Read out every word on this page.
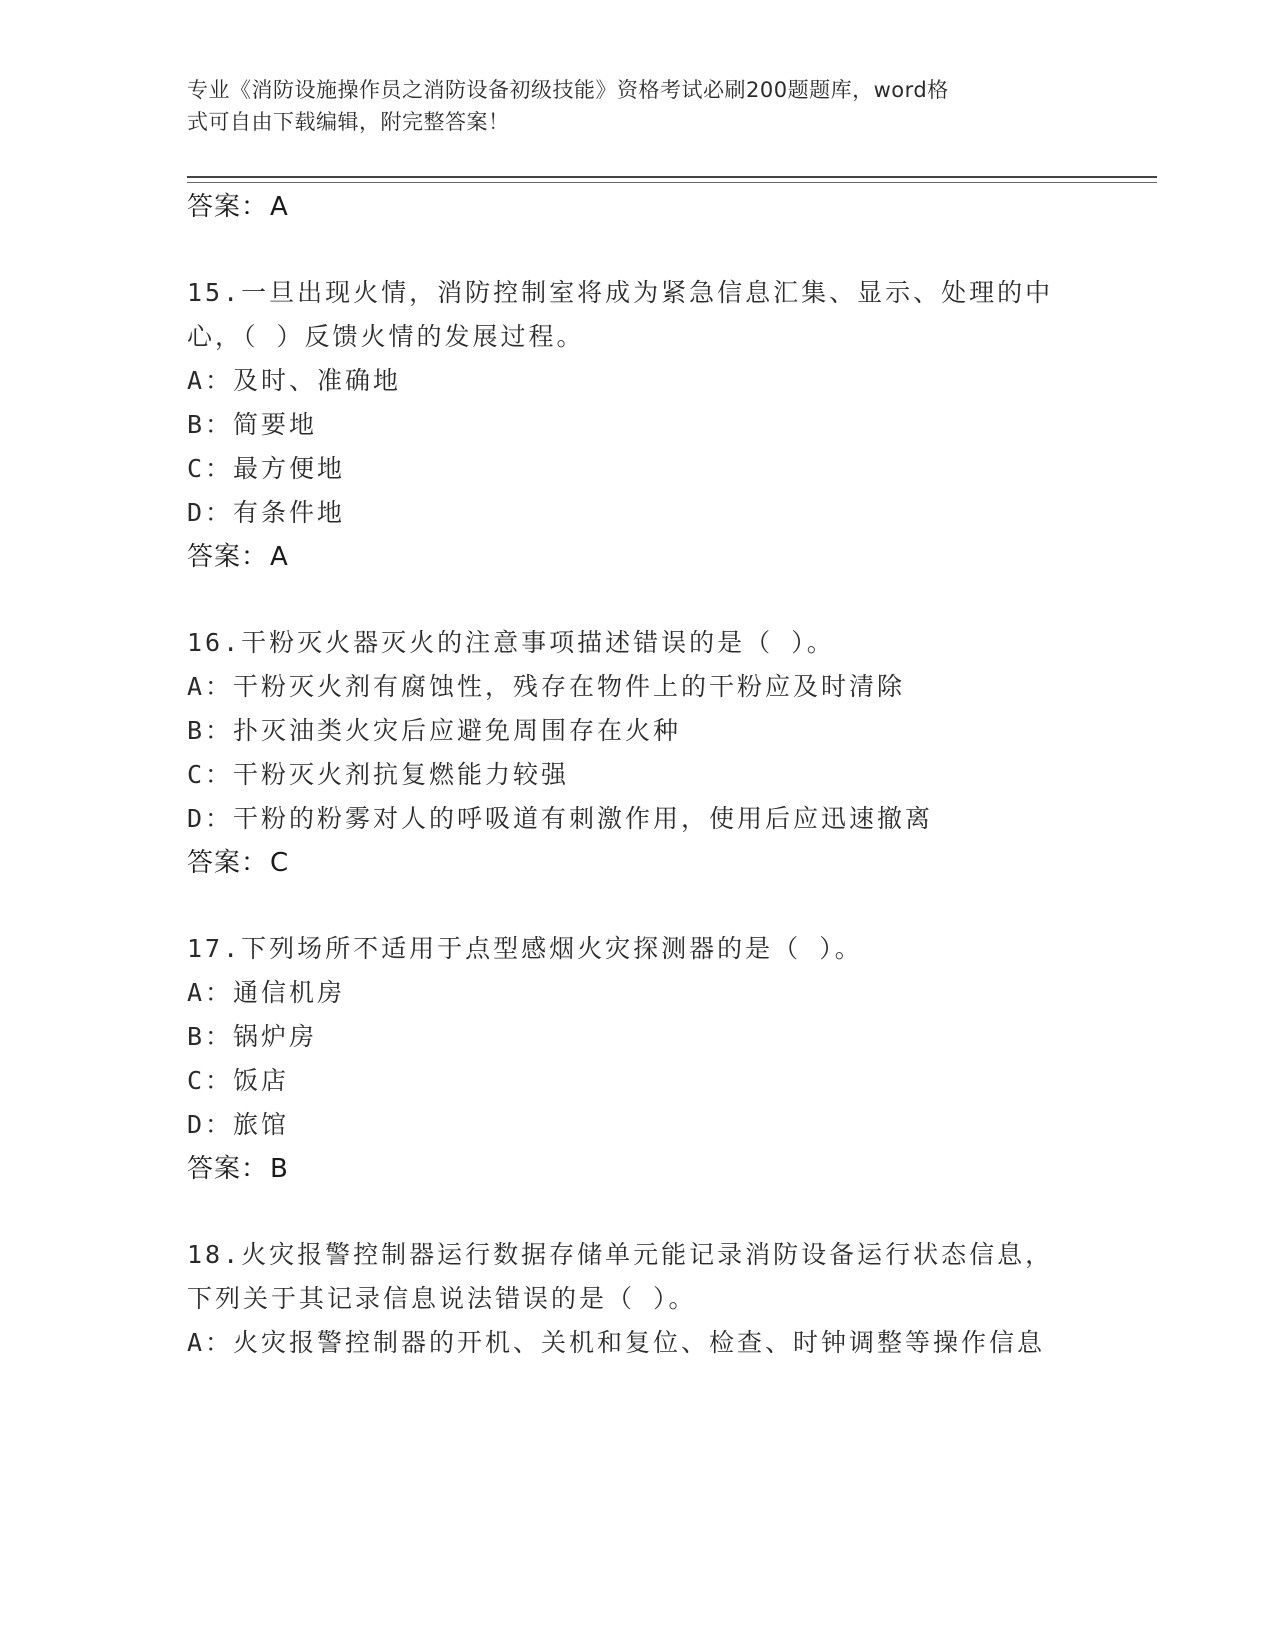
专业《消防设施操作员之消防设备初级技能》资格考试必刷200题题库，word格
式可自由下载编辑，附完整答案！
答案：A
15.一旦出现火情，消防控制室将成为紧急信息汇集、显示、处理的中
心，（ ）反馈火情的发展过程。
A：及时、准确地
B：简要地
C：最方便地
D：有条件地
答案：A
16.干粉灭火器灭火的注意事项描述错误的是（ ）。
A：干粉灭火剂有腐蚀性，残存在物件上的干粉应及时清除
B：扑灭油类火灾后应避免周围存在火种
C：干粉灭火剂抗复燃能力较强
D：干粉的粉雾对人的呼吸道有刺激作用，使用后应迅速撤离
答案：C
17.下列场所不适用于点型感烟火灾探测器的是（ ）。
A：通信机房
B：锅炉房
C：饭店
D：旅馆
答案：B
18.火灾报警控制器运行数据存储单元能记录消防设备运行状态信息，
下列关于其记录信息说法错误的是（ ）。
A：火灾报警控制器的开机、关机和复位、检查、时钟调整等操作信息
